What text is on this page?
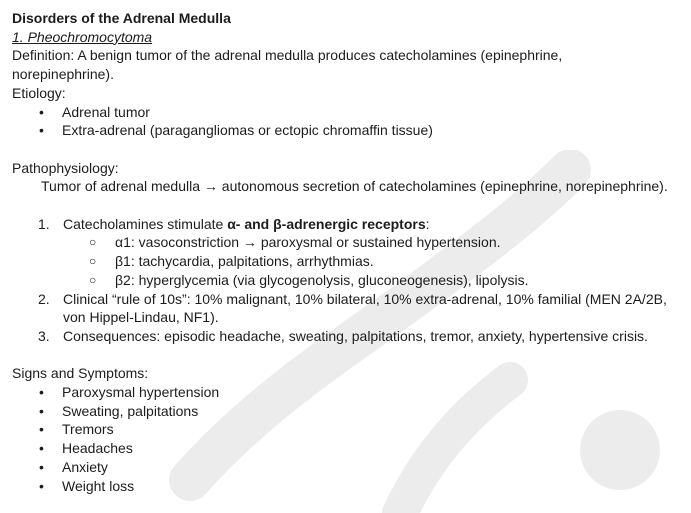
Disorders of the Adrenal Medulla
1. Pheochromocytoma
Definition: A benign tumor of the adrenal medulla produces catecholamines (epinephrine,
norepinephrine).
Etiology:
• Adrenal tumor
• Extra-adrenal (paragangliomas or ectopic chromaffin tissue)
Pathophysiology:
Tumor of adrenal medulla → autonomous secretion of catecholamines (epinephrine, norepinephrine).
1. Catecholamines stimulate α- and β-adrenergic receptors:
○ α1: vasoconstriction → paroxysmal or sustained hypertension.
○ β1: tachycardia, palpitations, arrhythmias.
○ β2: hyperglycemia (via glycogenolysis, gluconeogenesis), lipolysis.
2. Clinical “rule of 10s”: 10% malignant, 10% bilateral, 10% extra-adrenal, 10% familial (MEN 2A/2B,
von Hippel-Lindau, NF1).
3. Consequences: episodic headache, sweating, palpitations, tremor, anxiety, hypertensive crisis.
Signs and Symptoms:
• Paroxysmal hypertension
• Sweating, palpitations
• Tremors
• Headaches
• Anxiety
• Weight loss
